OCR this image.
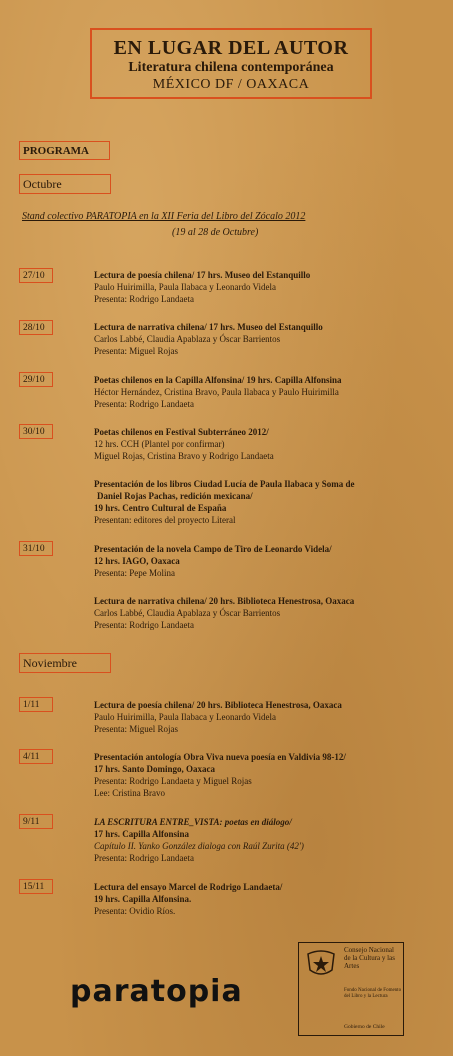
EN LUGAR DEL AUTOR
Literatura chilena contemporánea
MÉXICO DF / OAXACA
PROGRAMA
Octubre
Stand colectivo PARATOPIA en la XII Feria del Libro del Zócalo 2012
(19 al 28 de Octubre)
27/10	Lectura de poesía chilena/ 17 hrs. Museo del Estanquillo
Paulo Huirimilla, Paula Ilabaca y Leonardo Videla
Presenta: Rodrigo Landaeta
28/10	Lectura de narrativa chilena/ 17 hrs. Museo del Estanquillo
Carlos Labbé, Claudia Apablaza y Óscar Barrientos
Presenta: Miguel Rojas
29/10	Poetas chilenos en la Capilla Alfonsina/ 19 hrs. Capilla Alfonsina
Héctor Hernández, Cristina Bravo, Paula Ilabaca y Paulo Huirimilla
Presenta: Rodrigo Landaeta
30/10	Poetas chilenos en Festival Subterráneo 2012/
12 hrs. CCH (Plantel por confirmar)
Miguel Rojas, Cristina Bravo y Rodrigo Landaeta
Presentación de los libros Ciudad Lucía de Paula Ilabaca y Soma de
Daniel Rojas Pachas, redición mexicana/
19 hrs. Centro Cultural de España
Presentan: editores del proyecto Literal
31/10	Presentación de la novela Campo de Tiro de Leonardo Videla/
12 hrs. IAGO, Oaxaca
Presenta: Pepe Molina
Lectura de narrativa chilena/ 20 hrs. Biblioteca Henestrosa, Oaxaca
Carlos Labbé, Claudia Apablaza y Óscar Barrientos
Presenta: Rodrigo Landaeta
Noviembre
1/11	Lectura de poesía chilena/ 20 hrs. Biblioteca Henestrosa, Oaxaca
Paulo Huirimilla, Paula Ilabaca y Leonardo Videla
Presenta: Miguel Rojas
4/11	Presentación antología Obra Viva nueva poesía en Valdivia 98-12/
17 hrs. Santo Domingo, Oaxaca
Presenta: Rodrigo Landaeta y Miguel Rojas
Lee: Cristina Bravo
9/11	LA ESCRITURA ENTRE_VISTA: poetas en diálogo/
17 hrs. Capilla Alfonsina
Capítulo II. Yanko González dialoga con Raúl Zurita (42')
Presenta: Rodrigo Landaeta
15/11	Lectura del ensayo Marcel de Rodrigo Landaeta/
19 hrs. Capilla Alfonsina.
Presenta: Ovidio Ríos.
paratopia
Consejo Nacional de la Cultura y las Artes
Fondo Nacional de Fomento del Libro y la Lectura
Gobierno de Chile
